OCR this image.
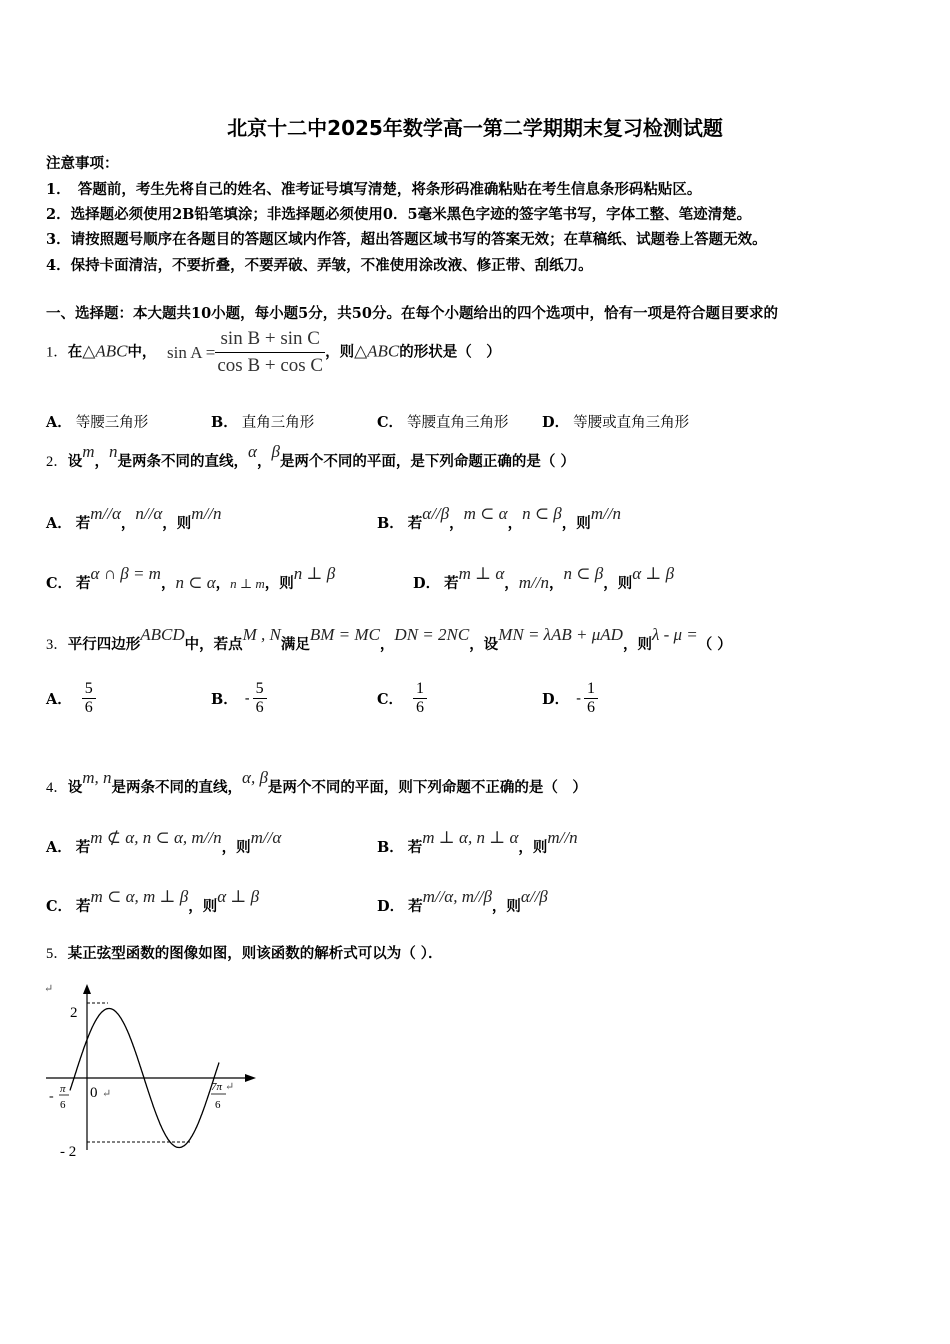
北京十二中2025年数学高一第二学期期末复习检测试题
注意事项：
1．　答题前，考生先将自己的姓名、准考证号填写清楚，将条形码准确粘贴在考生信息条形码粘贴区。
2．选择题必须使用2B铅笔填涂；非选择题必须使用0．5毫米黑色字迹的签字笔书写，字体工整、笔迹清楚。
3．请按照题号顺序在各题目的答题区域内作答，超出答题区域书写的答案无效；在草稿纸、试题卷上答题无效。
4．保持卡面清洁，不要折叠，不要弄破、弄皱，不准使用涂改液、修正带、刮纸刀。
一、选择题：本大题共10小题，每小题5分，共50分。在每个小题给出的四个选项中，恰有一项是符合题目要求的
1．在△ABC中， $\sin A = \frac{\text{sin B + sin C}}{\text{cos B + cos C}}$ ，则△ABC的形状是（　）
A． 等腰三角形	B． 直角三角形	C． 等腰直角三角形 D． 等腰或直角三角形
2．设m，n是两条不同的直线，α，β是两个不同的平面，是下列命题正确的是（ ）
A． 若m//α，n//α，则m//n
B． 若α//β，m ⊂ α，n ⊂ β，则m//n
C． 若α ∩ β = m，n ⊂ α，n ⊥ m，则n ⊥ β
D． 若m ⊥ α，m//n，n ⊂ β，则α ⊥ β
3．平行四边形ABCD中，若点M , N满足BM = MC，DN = 2NC，设MN = λAB + μAD，则λ - μ =（ ）
A． $\frac{5}{6}$	B． - $\frac{5}{6}$	C． $\frac{1}{6}$	D． - $\frac{1}{6}$
4．设m, n是两条不同的直线，α, β是两个不同的平面，则下列命题不正确的是（　）
A． 若m ⊄ α, n ⊂ α, m//n，则m//α
B． 若m ⊥ α, n ⊥ α，则m//n
C． 若m ⊂ α, m ⊥ β，则α ⊥ β
D． 若m//α, m//β，则α//β
5．某正弦型函数的图像如图，则该函数的解析式可以为（ ）．
↵
2
- 2
0 ↵
- π
6
7π
6
↵
